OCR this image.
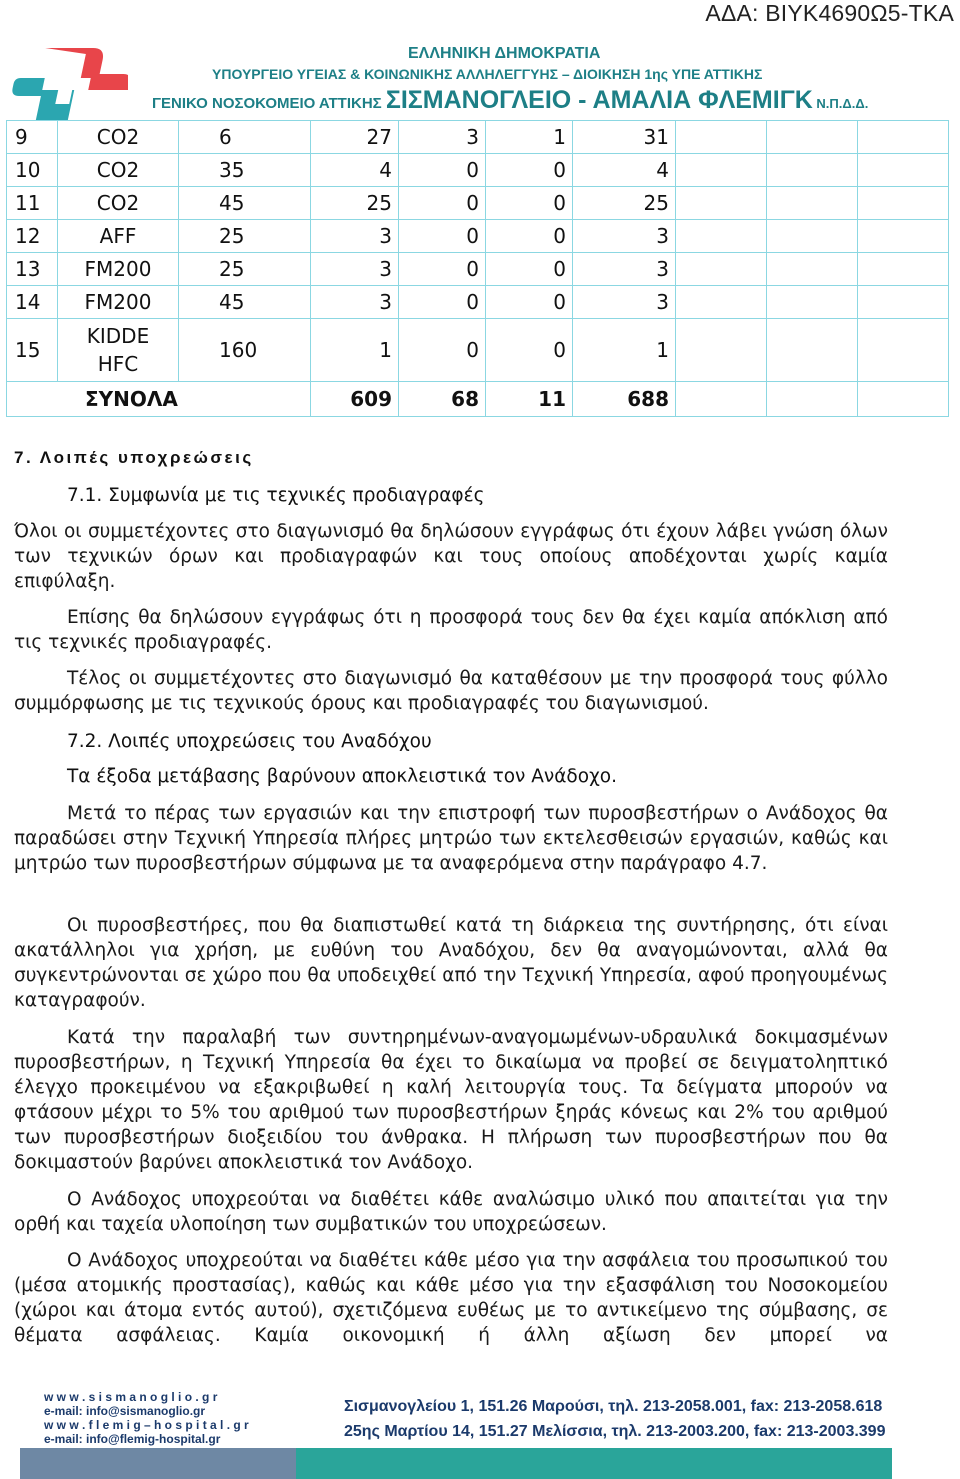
ΑΔΑ: ΒΙΥΚ4690Ω5-ΤΚΑ
ΕΛΛΗΝΙΚΗ ΔΗΜΟΚΡΑΤΙΑ
ΥΠΟΥΡΓΕΙΟ ΥΓΕΙΑΣ & ΚΟΙΝΩΝΙΚΗΣ ΑΛΛΗΛΕΓΓΥΗΣ – ΔΙΟΙΚΗΣΗ 1ης ΥΠΕ ΑΤΤΙΚΗΣ
ΓΕΝΙΚΟ ΝΟΣΟΚΟΜΕΙΟ ΑΤΤΙΚΗΣ ΣΙΣΜΑΝΟΓΛΕΙΟ - ΑΜΑΛΙΑ ΦΛΕΜΙΓΚ Ν.Π.Δ.Δ.
9	CO2	6	27	3	1	31			
10	CO2	35	4	0	0	4			
11	CO2	45	25	0	0	25			
12	AFF	25	3	0	0	3			
13	FM200	25	3	0	0	3			
14	FM200	45	3	0	0	3			
15	KIDDE
HFC	160	1	0	0	1			
ΣΥΝΟΛΑ			609	68	11	688			
7. Λοιπές υποχρεώσεις
7.1. Συμφωνία με τις τεχνικές προδιαγραφές
Όλοι οι συμμετέχοντες στο διαγωνισμό θα δηλώσουν εγγράφως ότι έχουν λάβει γνώση όλων των τεχνικών όρων και προδιαγραφών και τους οποίους αποδέχονται χωρίς καμία επιφύλαξη.
Επίσης θα δηλώσουν εγγράφως ότι η προσφορά τους δεν θα έχει καμία απόκλιση από τις τεχνικές προδιαγραφές.
Τέλος οι συμμετέχοντες στο διαγωνισμό θα καταθέσουν με την προσφορά τους φύλλο συμμόρφωσης με τις τεχνικούς όρους και προδιαγραφές του διαγωνισμού.
7.2. Λοιπές υποχρεώσεις του Αναδόχου
Τα έξοδα μετάβασης βαρύνουν αποκλειστικά τον Ανάδοχο.
Μετά το πέρας των εργασιών και την επιστροφή των πυροσβεστήρων ο Ανάδοχος θα παραδώσει στην Τεχνική Υπηρεσία πλήρες μητρώο των εκτελεσθεισών εργασιών, καθώς και μητρώο των πυροσβεστήρων σύμφωνα με τα αναφερόμενα στην παράγραφο 4.7.
Οι πυροσβεστήρες, που θα διαπιστωθεί κατά τη διάρκεια της συντήρησης, ότι είναι ακατάλληλοι για χρήση, με ευθύνη του Αναδόχου, δεν θα αναγομώνονται, αλλά θα συγκεντρώνονται σε χώρο που θα υποδειχθεί από την Τεχνική Υπηρεσία, αφού προηγουμένως καταγραφούν.
Κατά την παραλαβή των συντηρημένων-αναγομωμένων-υδραυλικά δοκιμασμένων πυροσβεστήρων, η Τεχνική Υπηρεσία θα έχει το δικαίωμα να προβεί σε δειγματοληπτικό έλεγχο προκειμένου να εξακριβωθεί η καλή λειτουργία τους. Τα δείγματα μπορούν να φτάσουν μέχρι το 5% του αριθμού των πυροσβεστήρων ξηράς κόνεως και 2% του αριθμού των πυροσβεστήρων διοξειδίου του άνθρακα. Η πλήρωση των πυροσβεστήρων που θα δοκιμαστούν βαρύνει αποκλειστικά τον Ανάδοχο.
Ο Ανάδοχος υποχρεούται να διαθέτει κάθε αναλώσιμο υλικό που απαιτείται για την ορθή και ταχεία υλοποίηση των συμβατικών του υποχρεώσεων.
Ο Ανάδοχος υποχρεούται να διαθέτει κάθε μέσο για την ασφάλεια του προσωπικού του (μέσα ατομικής προστασίας), καθώς και κάθε μέσο για την εξασφάλιση του Νοσοκομείου (χώροι και άτομα εντός αυτού), σχετιζόμενα ευθέως με το αντικείμενο της σύμβασης, σε θέματα ασφάλειας. Καμία οικονομική ή άλλη αξίωση δεν μπορεί να
w w w . s i s m a n o g l i o . g r
e-mail: info@sismanoglio.gr
w w w . f l e m i g – h o s p i t a l . g r
e-mail: info@flemig-hospital.gr
Σισμανογλείου 1, 151.26 Μαρούσι, τηλ. 213-2058.001, fax: 213-2058.618
25ης Μαρτίου 14, 151.27 Μελίσσια, τηλ. 213-2003.200, fax: 213-2003.399
